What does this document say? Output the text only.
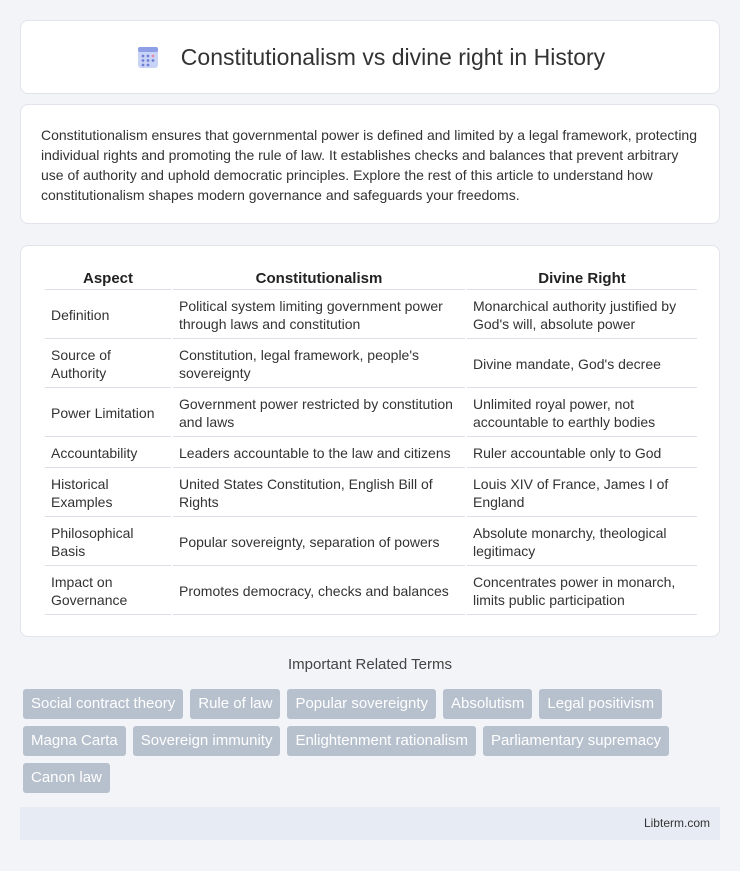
Constitutionalism vs divine right in History

Constitutionalism ensures that governmental power is defined and limited by a legal framework, protecting individual rights and promoting the rule of law. It establishes checks and balances that prevent arbitrary use of authority and uphold democratic principles. Explore the rest of this article to understand how constitutionalism shapes modern governance and safeguards your freedoms.

Aspect	Constitutionalism	Divine Right
Definition	Political system limiting government power through laws and constitution	Monarchical authority justified by God's will, absolute power
Source of Authority	Constitution, legal framework, people's sovereignty	Divine mandate, God's decree
Power Limitation	Government power restricted by constitution and laws	Unlimited royal power, not accountable to earthly bodies
Accountability	Leaders accountable to the law and citizens	Ruler accountable only to God
Historical Examples	United States Constitution, English Bill of Rights	Louis XIV of France, James I of England
Philosophical Basis	Popular sovereignty, separation of powers	Absolute monarchy, theological legitimacy
Impact on Governance	Promotes democracy, checks and balances	Concentrates power in monarch, limits public participation
Important Related Terms
Social contract theory	Rule of law	Popular sovereignty	Absolutism	Legal positivism
Magna Carta	Sovereign immunity	Enlightenment rationalism	Parliamentary supremacy
Canon law
Libterm.com
